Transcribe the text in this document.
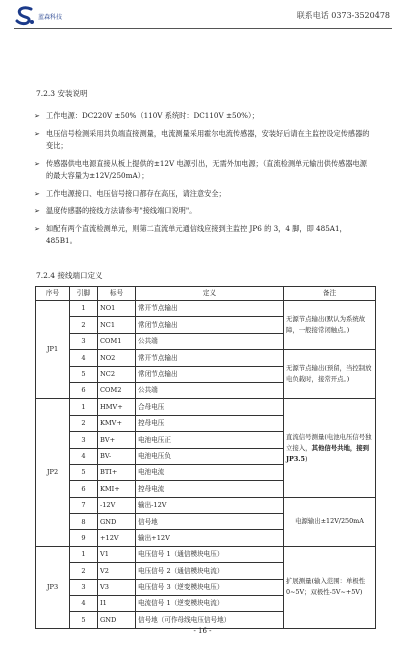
蓝森科技	联系电话 0373-3520478
7.2.3 安装说明
➢ 工作电源：DC220V ±50%（110V 系统时：DC110V ±50%）；
➢ 电压信号检测采用共负端直接测量，电流测量采用霍尔电流传感器，安装好后请在主监控设定传感器的变比；
➢ 传感器供电电源直接从板上提供的±12V 电源引出，无需外加电源；（直流检测单元输出供传感器电源的最大容量为±12V/250mA）；
➢ 工作电源接口、电压信号接口都存在高压，请注意安全；
➢ 温度传感器的接线方法请参考"接线端口说明"。
➢ 如配有两个直流检测单元，则第二直流单元通信线应接到主监控 JP6 的 3，4 脚，即 485A1，485B1。
7.2.4 接线端口定义
序号	引脚	标号	定义	备注
JP1	1	NO1	常开节点输出	无源节点输出(默认为系统故障，一般接常闭触点。)
	2	NC1	常闭节点输出	
	3	COM1	公共端	
	4	NO2	常开节点输出	无源节点输出(预留，当控制放电负载时，接常开点。)
	5	NC2	常闭节点输出	
	6	COM2	公共端	
JP2	1	HMV+	合母电压	直流信号测量(电池电压信号独立接入，其他信号共地，接到 JP3.5)
	2	KMV+	控母电压	
	3	BV+	电池电压正	
	4	BV-	电池电压负	
	5	BTI+	电池电流	
	6	KMI+	控母电流	
	7	-12V	输出-12V	电源输出±12V/250mA
	8	GND	信号地	
	9	+12V	输出+12V	
JP3	1	V1	电压信号 1（通信模块电压）	扩展测量(输入范围：单极性 0~5V；双极性-5V~+5V)
	2	V2	电压信号 2（通信模块电流）	
	3	V3	电压信号 3（逆变模块电压）	
	4	I1	电流信号 1（逆变模块电流）	
	5	GND	信号地（可作母线电压信号地）	
- 16 -
